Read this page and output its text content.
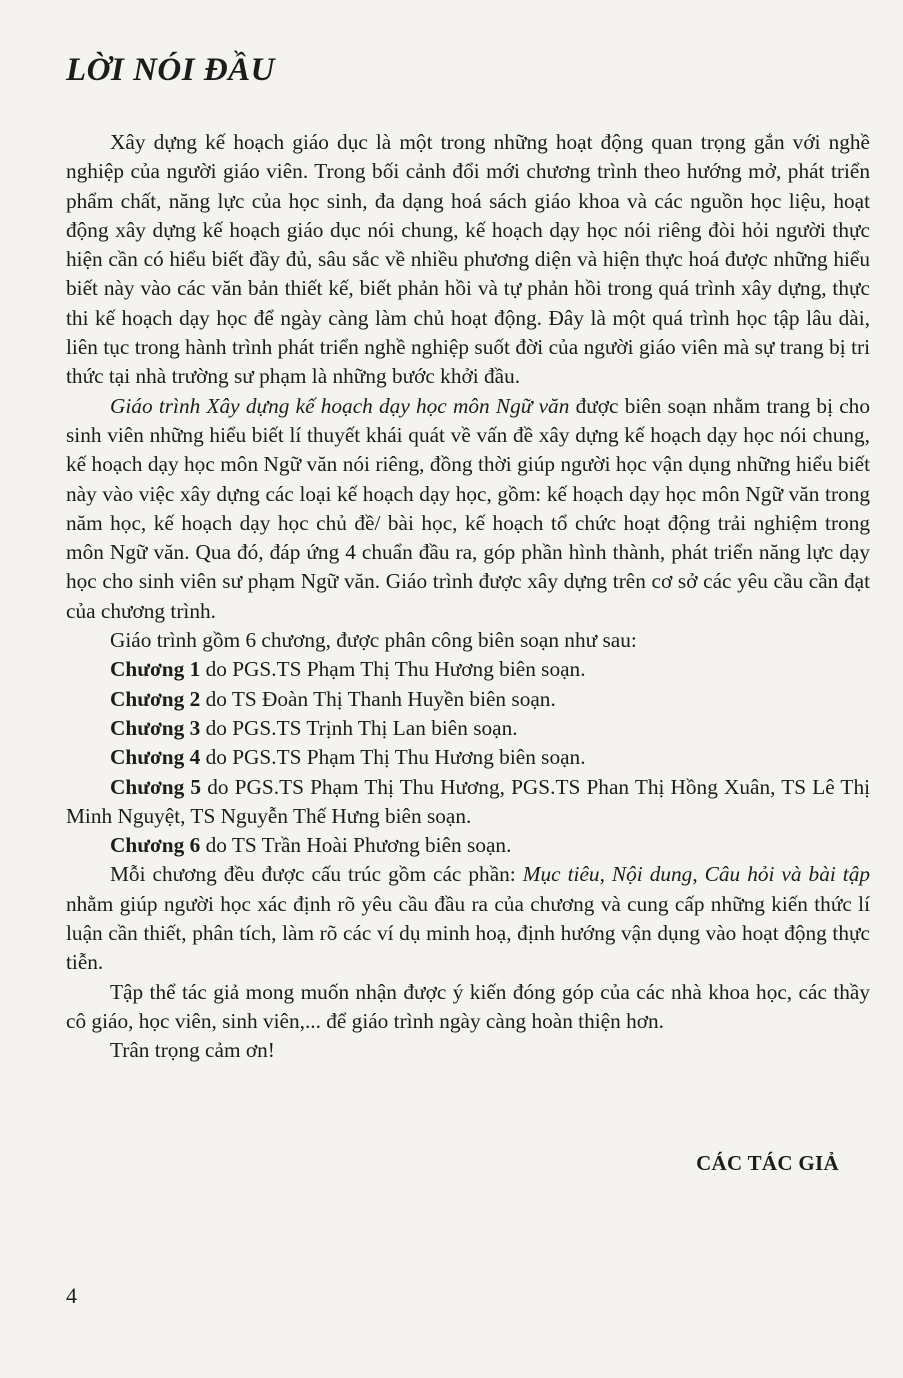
LỜI NÓI ĐẦU

Xây dựng kế hoạch giáo dục là một trong những hoạt động quan trọng gắn với nghề nghiệp của người giáo viên. Trong bối cảnh đổi mới chương trình theo hướng mở, phát triển phẩm chất, năng lực của học sinh, đa dạng hoá sách giáo khoa và các nguồn học liệu, hoạt động xây dựng kế hoạch giáo dục nói chung, kế hoạch dạy học nói riêng đòi hỏi người thực hiện cần có hiểu biết đầy đủ, sâu sắc về nhiều phương diện và hiện thực hoá được những hiểu biết này vào các văn bản thiết kế, biết phản hồi và tự phản hồi trong quá trình xây dựng, thực thi kế hoạch dạy học để ngày càng làm chủ hoạt động. Đây là một quá trình học tập lâu dài, liên tục trong hành trình phát triển nghề nghiệp suốt đời của người giáo viên mà sự trang bị tri thức tại nhà trường sư phạm là những bước khởi đầu.

Giáo trình Xây dựng kế hoạch dạy học môn Ngữ văn được biên soạn nhằm trang bị cho sinh viên những hiểu biết lí thuyết khái quát về vấn đề xây dựng kế hoạch dạy học nói chung, kế hoạch dạy học môn Ngữ văn nói riêng, đồng thời giúp người học vận dụng những hiểu biết này vào việc xây dựng các loại kế hoạch dạy học, gồm: kế hoạch dạy học môn Ngữ văn trong năm học, kế hoạch dạy học chủ đề/ bài học, kế hoạch tổ chức hoạt động trải nghiệm trong môn Ngữ văn. Qua đó, đáp ứng 4 chuẩn đầu ra, góp phần hình thành, phát triển năng lực dạy học cho sinh viên sư phạm Ngữ văn. Giáo trình được xây dựng trên cơ sở các yêu cầu cần đạt của chương trình.

Giáo trình gồm 6 chương, được phân công biên soạn như sau:

Chương 1 do PGS.TS Phạm Thị Thu Hương biên soạn.

Chương 2 do TS Đoàn Thị Thanh Huyền biên soạn.

Chương 3 do PGS.TS Trịnh Thị Lan biên soạn.

Chương 4 do PGS.TS Phạm Thị Thu Hương biên soạn.

Chương 5 do PGS.TS Phạm Thị Thu Hương, PGS.TS Phan Thị Hồng Xuân, TS Lê Thị Minh Nguyệt, TS Nguyễn Thế Hưng biên soạn.

Chương 6 do TS Trần Hoài Phương biên soạn.

Mỗi chương đều được cấu trúc gồm các phần: Mục tiêu, Nội dung, Câu hỏi và bài tập nhằm giúp người học xác định rõ yêu cầu đầu ra của chương và cung cấp những kiến thức lí luận cần thiết, phân tích, làm rõ các ví dụ minh hoạ, định hướng vận dụng vào hoạt động thực tiễn.

Tập thể tác giả mong muốn nhận được ý kiến đóng góp của các nhà khoa học, các thầy cô giáo, học viên, sinh viên,... để giáo trình ngày càng hoàn thiện hơn.

Trân trọng cảm ơn!

CÁC TÁC GIẢ
4
